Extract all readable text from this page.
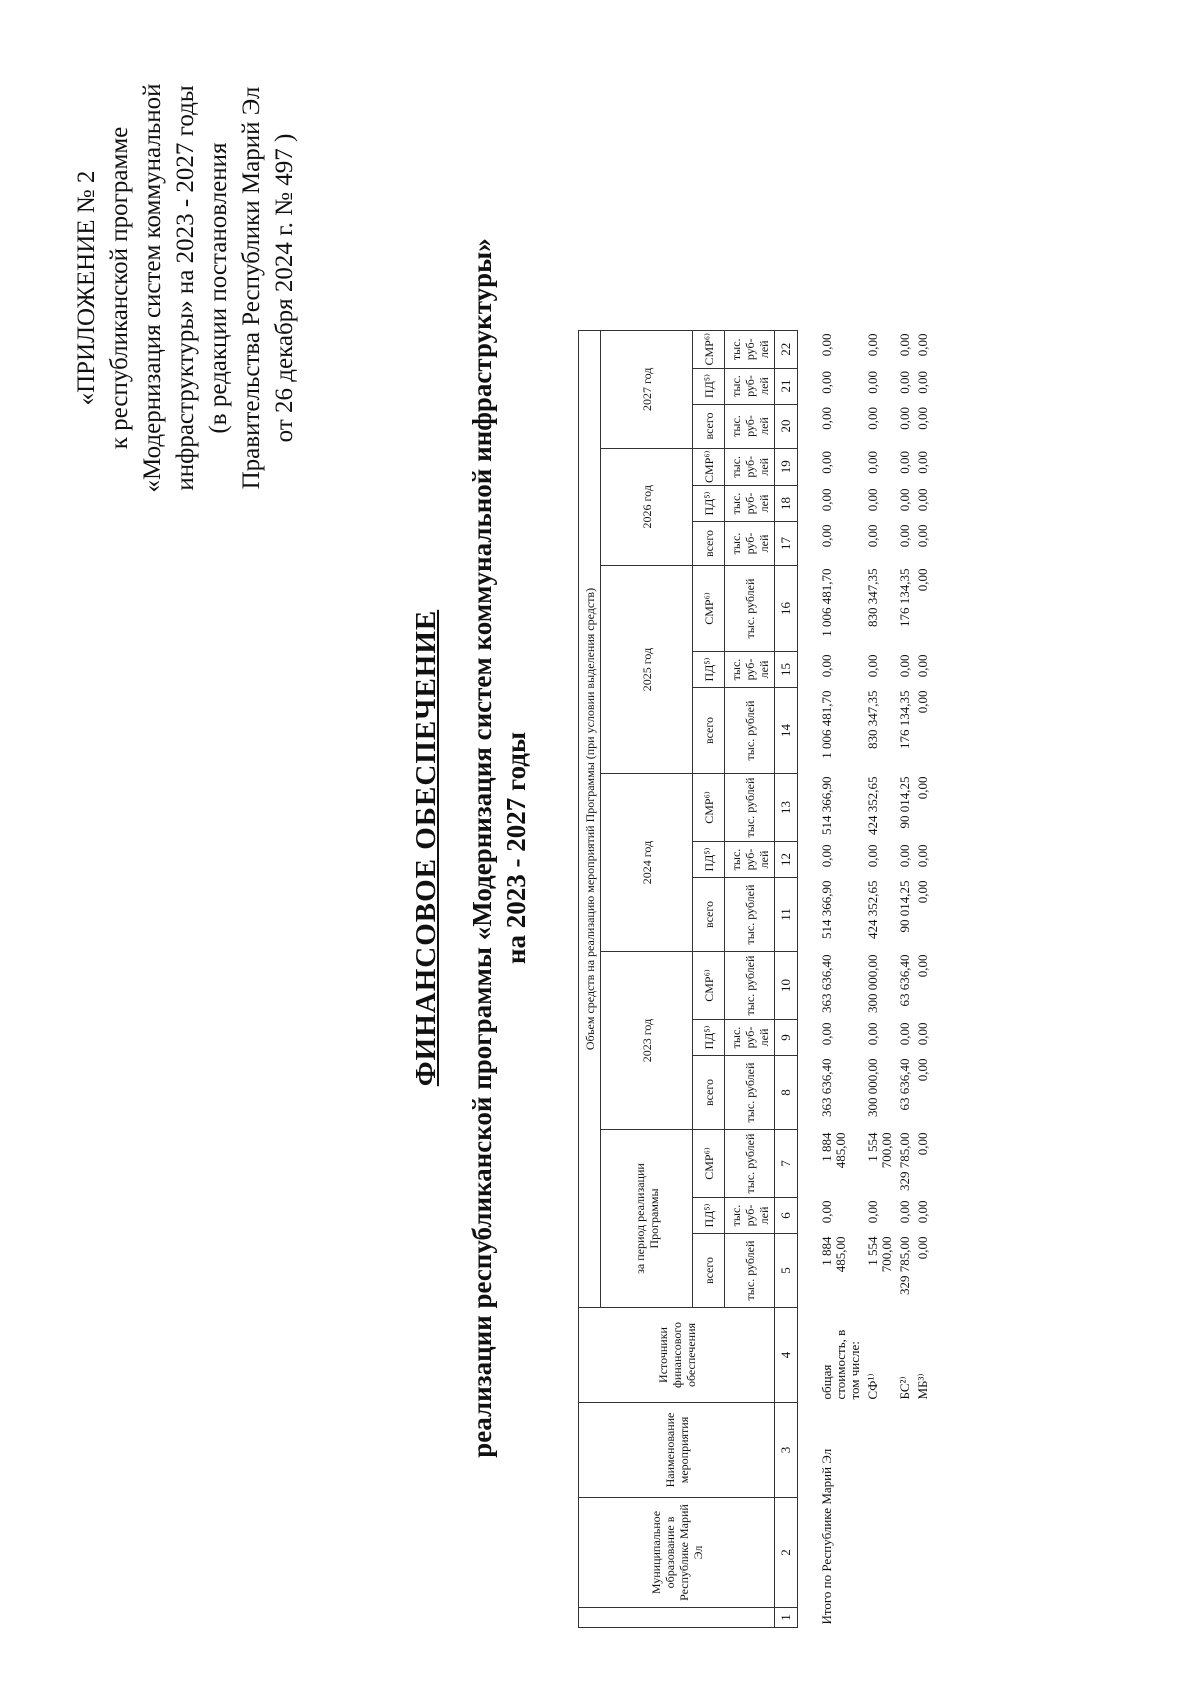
«ПРИЛОЖЕНИЕ № 2 к республиканской программе «Модернизация систем коммунальной инфраструктуры» на 2023 - 2027 годы (в редакции постановления Правительства Республики Марий Эл от 26 декабря 2024 г. № 497 )
ФИНАНСОВОЕ ОБЕСПЕЧЕНИЕ реализации республиканской программы «Модернизация систем коммунальной инфраструктуры» на 2023 - 2027 годы
	Муниципальное образование в Республике Марий Эл	Наименование мероприятия	Источники финансового обеспечения	Объем средств на реализацию мероприятий Программы (при условии выделения средств)																	
				за период реализации Программы			2023 год			2024 год			2025 год			2026 год			2027 год		
				всего	ПД⁵⁾	СМР⁶⁾	всего	ПД⁵⁾	СМР⁶⁾	всего	ПД⁵⁾	СМР⁶⁾	всего	ПД⁵⁾	СМР⁶⁾	всего	ПД⁵⁾	СМР⁶⁾	всего	ПД⁵⁾	СМР⁶⁾
				тыс. рублей	тыс. руб- лей	тыс. рублей	тыс. рублей	тыс. руб- лей	тыс. рублей	тыс. рублей	тыс. руб- лей	тыс. рублей	тыс. рублей	тыс. руб- лей	тыс. рублей	тыс. руб- лей	тыс. руб- лей	тыс. руб- лей	тыс. руб- лей	тыс. руб- лей	тыс. руб- лей
1	2	3	4	5	6	7	8	9	10	11	12	13	14	15	16	17	18	19	20	21	22

Итого по Республике Марий Эл			общая стоимость, в том числе:	1 884 485,00	0,00	1 884 485,00	363 636,40	0,00	363 636,40	514 366,90	0,00	514 366,90	1 006 481,70	0,00	1 006 481,70	0,00	0,00	0,00	0,00	0,00	0,00
			СФ¹⁾	1 554 700,00	0,00	1 554 700,00	300 000,00	0,00	300 000,00	424 352,65	0,00	424 352,65	830 347,35	0,00	830 347,35	0,00	0,00	0,00	0,00	0,00	0,00
			БС²⁾	329 785,00	0,00	329 785,00	63 636,40	0,00	63 636,40	90 014,25	0,00	90 014,25	176 134,35	0,00	176 134,35	0,00	0,00	0,00	0,00	0,00	0,00
			МБ³⁾	0,00	0,00	0,00	0,00	0,00	0,00	0,00	0,00	0,00	0,00	0,00	0,00	0,00	0,00	0,00	0,00	0,00	0,00
